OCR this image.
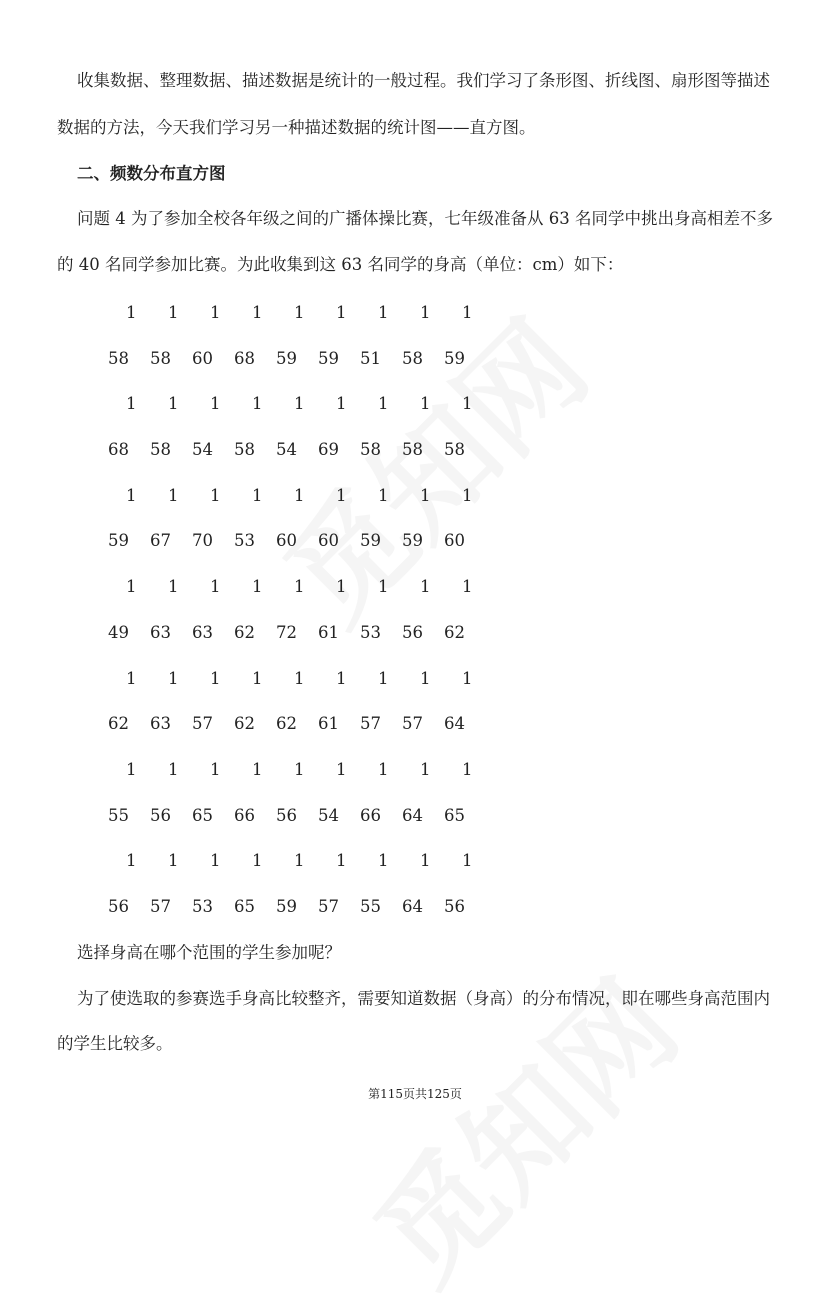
收集数据、整理数据、描述数据是统计的一般过程。我们学习了条形图、折线图、扇形图等描述
数据的方法，今天我们学习另一种描述数据的统计图——直方图。
二、频数分布直方图
问题 4 为了参加全校各年级之间的广播体操比赛，七年级准备从 63 名同学中挑出身高相差不多
的 40 名同学参加比赛。为此收集到这 63 名同学的身高（单位：cm）如下：
1	1	1	1	1	1	1	1	1
58 58 60 68 59 59 51 58 59
1	1	1	1	1	1	1	1	1
68 58 54 58 54 69 58 58 58
1	1	1	1	1	1	1	1	1
59 67 70 53 60 60 59 59 60
1	1	1	1	1	1	1	1	1
49 63 63 62 72 61 53 56 62
1	1	1	1	1	1	1	1	1
62 63 57 62 62 61 57 57 64
1	1	1	1	1	1	1	1	1
55 56 65 66 56 54 66 64 65
1	1	1	1	1	1	1	1	1
56 57 53 65 59 57 55 64 56
选择身高在哪个范围的学生参加呢？
为了使选取的参赛选手身高比较整齐，需要知道数据（身高）的分布情况，即在哪些身高范围内
的学生比较多。
第115页共125页
